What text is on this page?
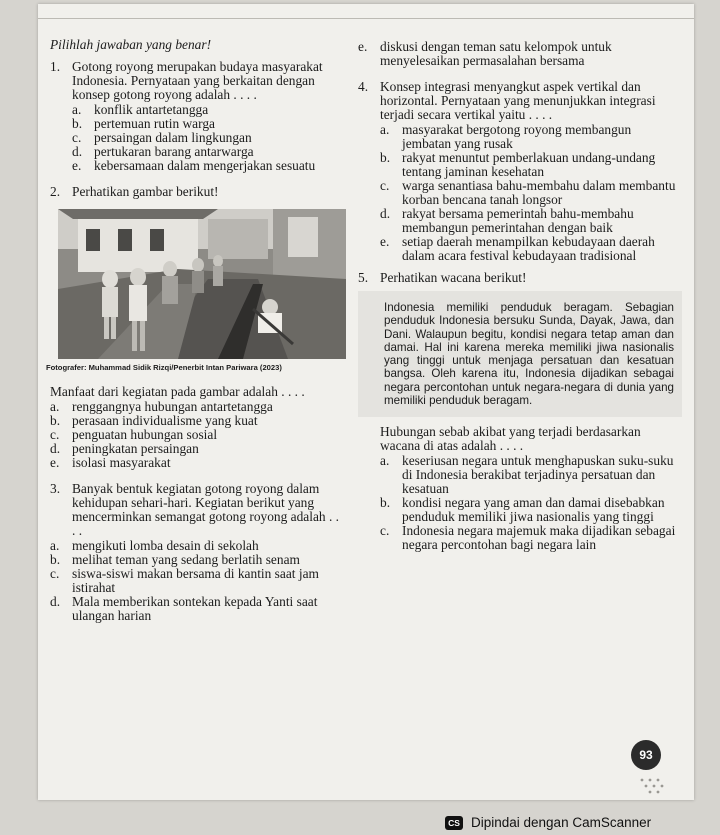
Pilihlah jawaban yang benar!

1. Gotong royong merupakan budaya masyarakat Indonesia. Pernyataan yang berkaitan dengan konsep gotong royong adalah . . . .
a. konflik antartetangga
b. pertemuan rutin warga
c. persaingan dalam lingkungan
d. pertukaran barang antarwarga
e. kebersamaan dalam mengerjakan sesuatu
2. Perhatikan gambar berikut!

Fotografer: Muhammad Sidik Rizqi/Penerbit Intan Pariwara (2023)

Manfaat dari kegiatan pada gambar adalah . . . .

a. renggangnya hubungan antartetangga
b. perasaan individualisme yang kuat
c. penguatan hubungan sosial
d. peningkatan persaingan
e. isolasi masyarakat
3. Banyak bentuk kegiatan gotong royong dalam kehidupan sehari-hari. Kegiatan berikut yang mencerminkan semangat gotong royong adalah . . . .
a. mengikuti lomba desain di sekolah
b. melihat teman yang sedang berlatih senam
c. siswa-siswi makan bersama di kantin saat jam istirahat
d. Mala memberikan sontekan kepada Yanti saat ulangan harian
e. diskusi dengan teman satu kelompok untuk menyelesaikan permasalahan bersama
4. Konsep integrasi menyangkut aspek vertikal dan horizontal. Pernyataan yang menunjukkan integrasi terjadi secara vertikal yaitu . . . .
a. masyarakat bergotong royong membangun jembatan yang rusak
b. rakyat menuntut pemberlakuan undang-undang tentang jaminan kesehatan
c. warga senantiasa bahu-membahu dalam membantu korban bencana tanah longsor
d. rakyat bersama pemerintah bahu-membahu membangun pemerintahan dengan baik
e. setiap daerah menampilkan kebudayaan daerah dalam acara festival kebudayaan tradisional
5. Perhatikan wacana berikut!
Indonesia memiliki penduduk beragam. Sebagian penduduk Indonesia bersuku Sunda, Dayak, Jawa, dan Dani. Walaupun begitu, kondisi negara tetap aman dan damai. Hal ini karena mereka memiliki jiwa nasionalis yang tinggi untuk menjaga persatuan dan kesatuan bangsa. Oleh karena itu, Indonesia dijadikan sebagai negara percontohan untuk negara-negara di dunia yang memiliki penduduk beragam.

Hubungan sebab akibat yang terjadi berdasarkan wacana di atas adalah . . . .

a. keseriusan negara untuk menghapuskan suku-suku di Indonesia berakibat terjadinya persatuan dan kesatuan
b. kondisi negara yang aman dan damai disebabkan penduduk memiliki jiwa nasionalis yang tinggi
c. Indonesia negara majemuk maka dijadikan sebagai negara percontohan bagi negara lain
93
CS Dipindai dengan CamScanner
